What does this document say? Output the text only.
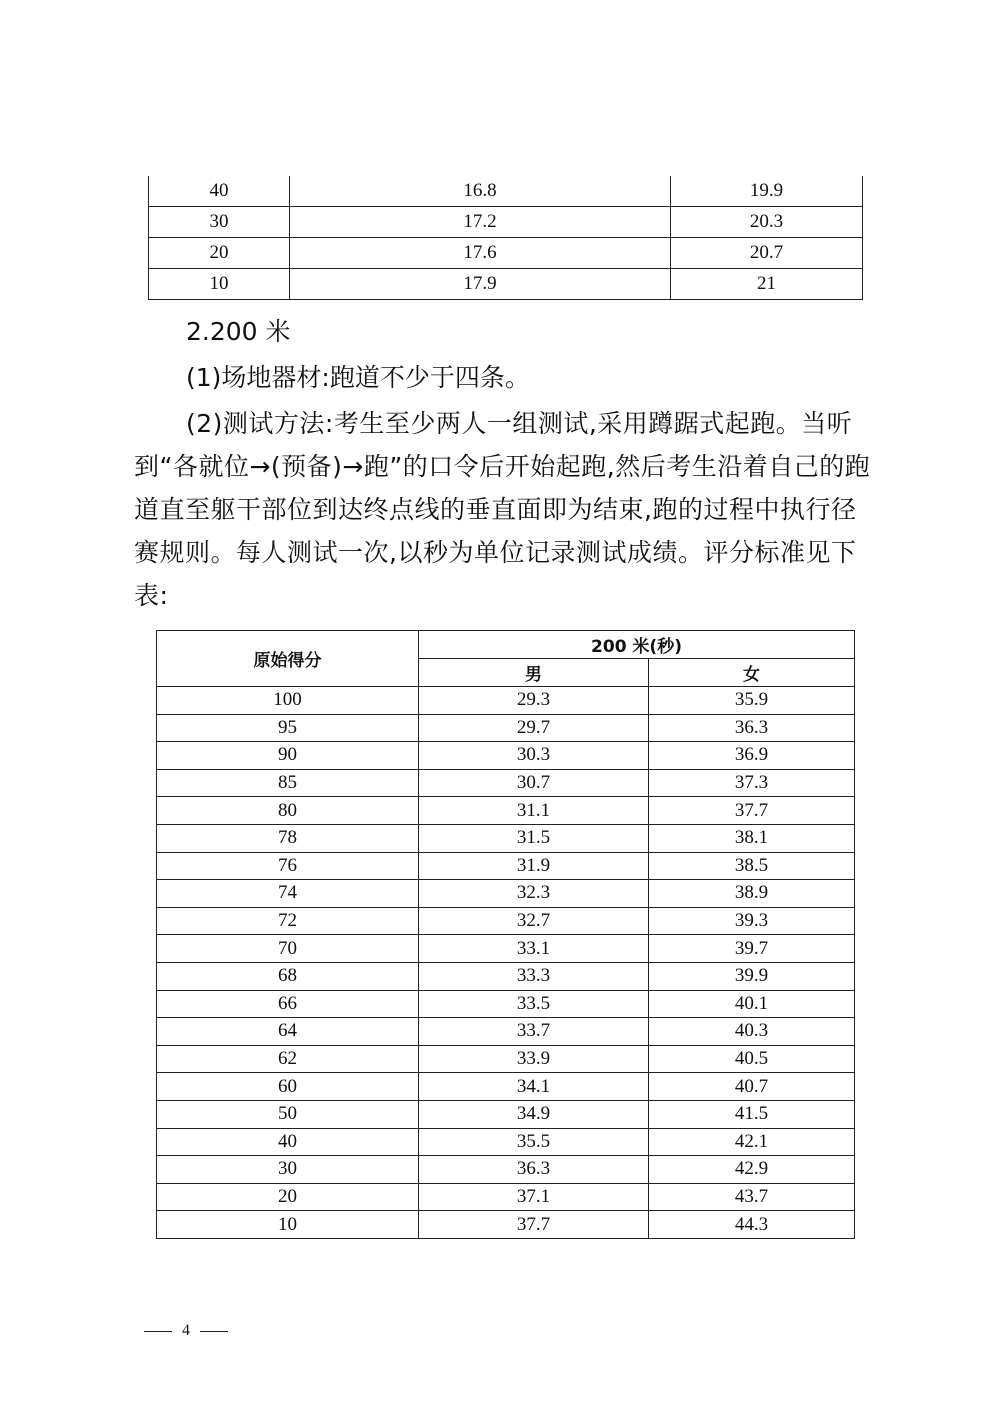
40	16.8	19.9
30	17.2	20.3
20	17.6	20.7
10	17.9	21
2.200 米
(1)场地器材:跑道不少于四条。
(2)测试方法:考生至少两人一组测试,采用蹲踞式起跑。当听到“各就位→(预备)→跑”的口令后开始起跑,然后考生沿着自己的跑道直至躯干部位到达终点线的垂直面即为结束,跑的过程中执行径赛规则。每人测试一次,以秒为单位记录测试成绩。评分标准见下表:
原始得分	200 米(秒)	
	男	女
100	29.3	35.9
95	29.7	36.3
90	30.3	36.9
85	30.7	37.3
80	31.1	37.7
78	31.5	38.1
76	31.9	38.5
74	32.3	38.9
72	32.7	39.3
70	33.1	39.7
68	33.3	39.9
66	33.5	40.1
64	33.7	40.3
62	33.9	40.5
60	34.1	40.7
50	34.9	41.5
40	35.5	42.1
30	36.3	42.9
20	37.1	43.7
10	37.7	44.3
4
